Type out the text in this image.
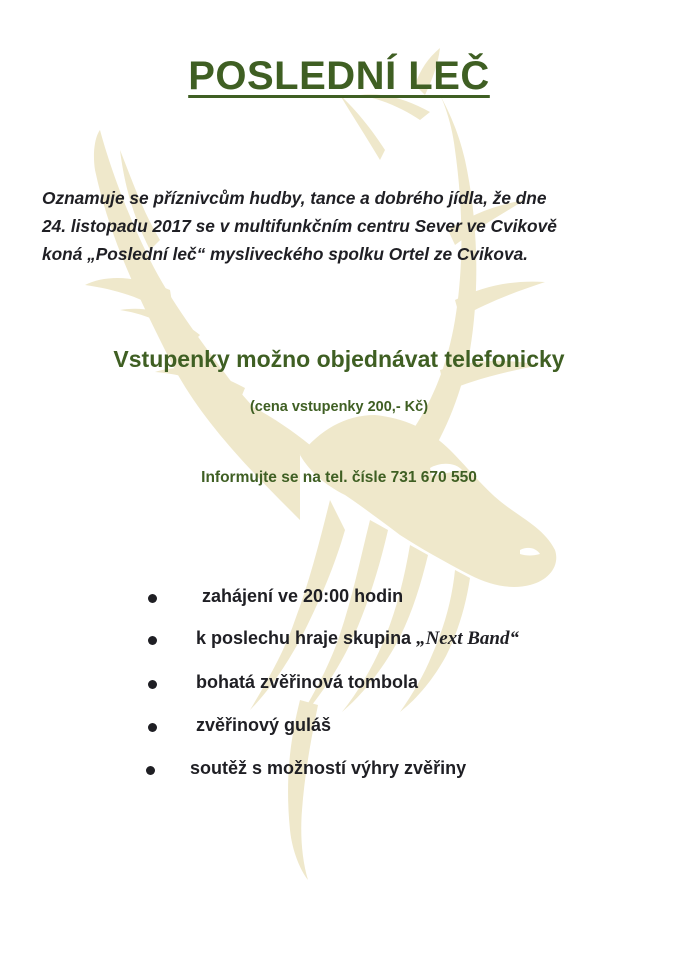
POSLEDNÍ LEČ
Oznamuje se příznivcům hudby, tance a dobrého jídla, že dne
24. listopadu 2017 se v multifunkčním centru Sever ve Cvikově
koná „Poslední leč“ mysliveckého spolku Ortel ze Cvikova.
Vstupenky možno objednávat telefonicky
(cena vstupenky 200,- Kč)
Informujte se na tel. čísle 731 670 550
zahájení ve 20:00 hodin
k poslechu hraje skupina „Next Band“
bohatá zvěřinová tombola
zvěřinový guláš
soutěž s možností výhry zvěřiny
